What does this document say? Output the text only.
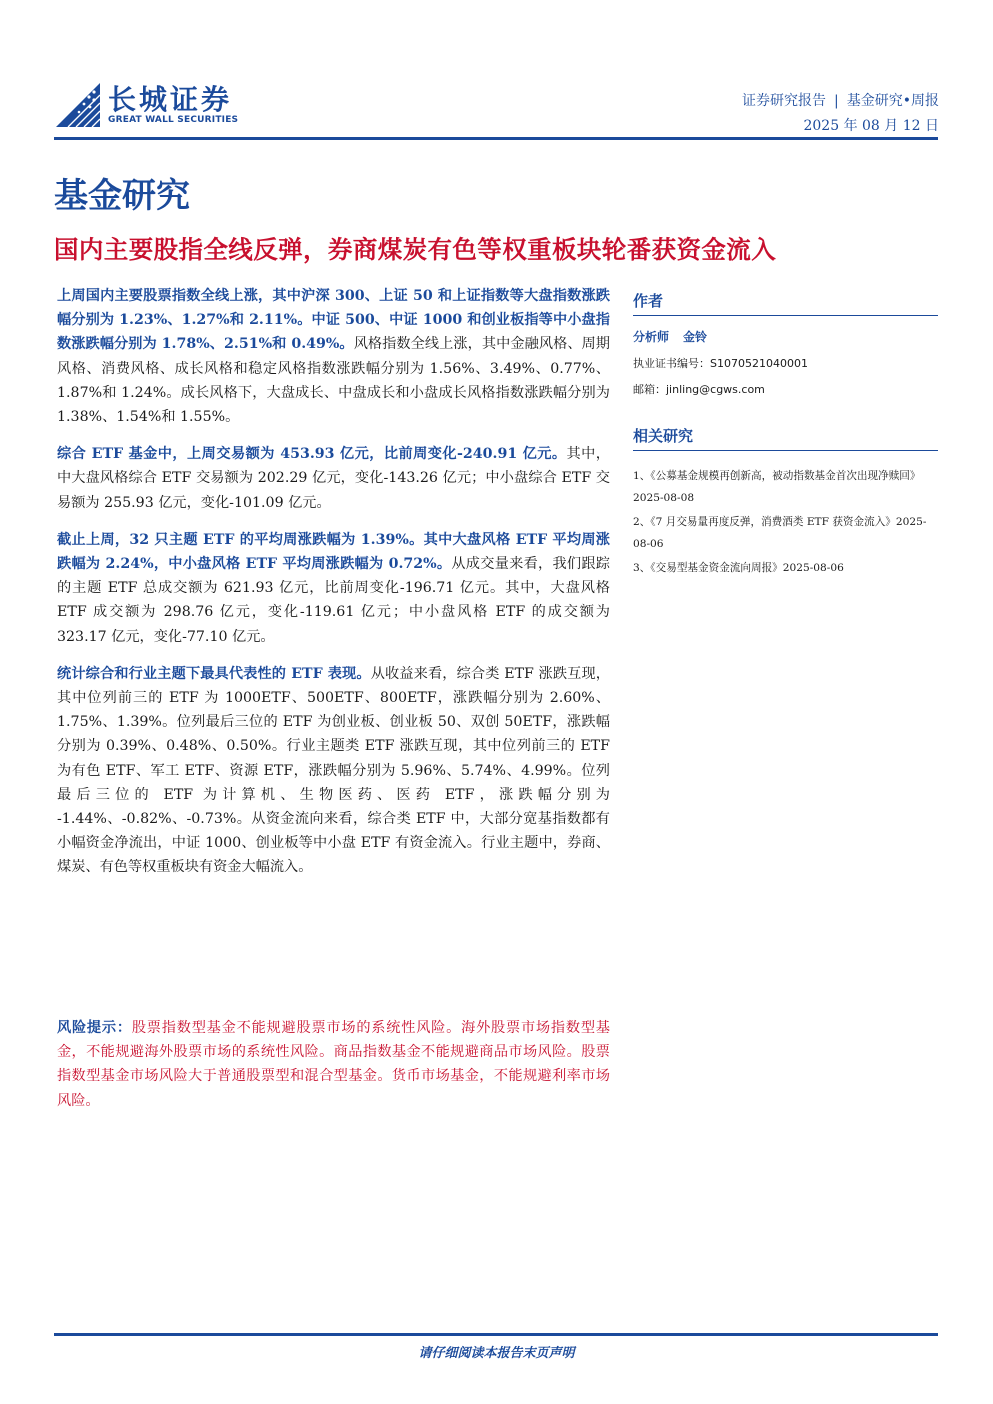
长城证券
GREAT WALL SECURITIES
证券研究报告 | 基金研究•周报
2025 年 08 月 12 日
基金研究
国内主要股指全线反弹，券商煤炭有色等权重板块轮番获资金流入

上周国内主要股票指数全线上涨，其中沪深 300、上证 50 和上证指数等大盘指数涨跌幅分别为 1.23%、1.27%和 2.11%。中证 500、中证 1000 和创业板指等中小盘指数涨跌幅分别为 1.78%、2.51%和 0.49%。风格指数全线上涨，其中金融风格、周期风格、消费风格、成长风格和稳定风格指数涨跌幅分别为 1.56%、3.49%、0.77%、1.87%和 1.24%。成长风格下，大盘成长、中盘成长和小盘成长风格指数涨跌幅分别为 1.38%、1.54%和 1.55%。

综合 ETF 基金中，上周交易额为 453.93 亿元，比前周变化-240.91 亿元。其中，中大盘风格综合 ETF 交易额为 202.29 亿元，变化-143.26 亿元；中小盘综合 ETF 交易额为 255.93 亿元，变化-101.09 亿元。

截止上周，32 只主题 ETF 的平均周涨跌幅为 1.39%。其中大盘风格 ETF 平均周涨跌幅为 2.24%，中小盘风格 ETF 平均周涨跌幅为 0.72%。从成交量来看，我们跟踪的主题 ETF 总成交额为 621.93 亿元，比前周变化-196.71 亿元。其中，大盘风格 ETF 成交额为 298.76 亿元，变化-119.61 亿元；中小盘风格 ETF 的成交额为 323.17 亿元，变化-77.10 亿元。

统计综合和行业主题下最具代表性的 ETF 表现。从收益来看，综合类 ETF 涨跌互现，其中位列前三的 ETF 为 1000ETF、500ETF、800ETF，涨跌幅分别为 2.60%、1.75%、1.39%。位列最后三位的 ETF 为创业板、创业板 50、双创 50ETF，涨跌幅分别为 0.39%、0.48%、0.50%。行业主题类 ETF 涨跌互现，其中位列前三的 ETF 为有色 ETF、军工 ETF、资源 ETF，涨跌幅分别为 5.96%、5.74%、4.99%。位列最后三位的 ETF 为计算机、生物医药、医药 ETF，涨跌幅分别为 -1.44%、-0.82%、-0.73%。从资金流向来看，综合类 ETF 中，大部分宽基指数都有小幅资金净流出，中证 1000、创业板等中小盘 ETF 有资金流入。行业主题中，券商、煤炭、有色等权重板块有资金大幅流入。

风险提示：股票指数型基金不能规避股票市场的系统性风险。海外股票市场指数型基金，不能规避海外股票市场的系统性风险。商品指数基金不能规避商品市场风险。股票指数型基金市场风险大于普通股票型和混合型基金。货币市场基金，不能规避利率市场风险。

作者
分析师 金铃
执业证书编号：S1070521040001
邮箱：jinling@cgws.com
相关研究
1、《公募基金规模再创新高，被动指数基金首次出现净赎回》2025-08-08
2、《7 月交易量再度反弹，消费酒类 ETF 获资金流入》2025-08-06
3、《交易型基金资金流向周报》2025-08-06
请仔细阅读本报告末页声明
